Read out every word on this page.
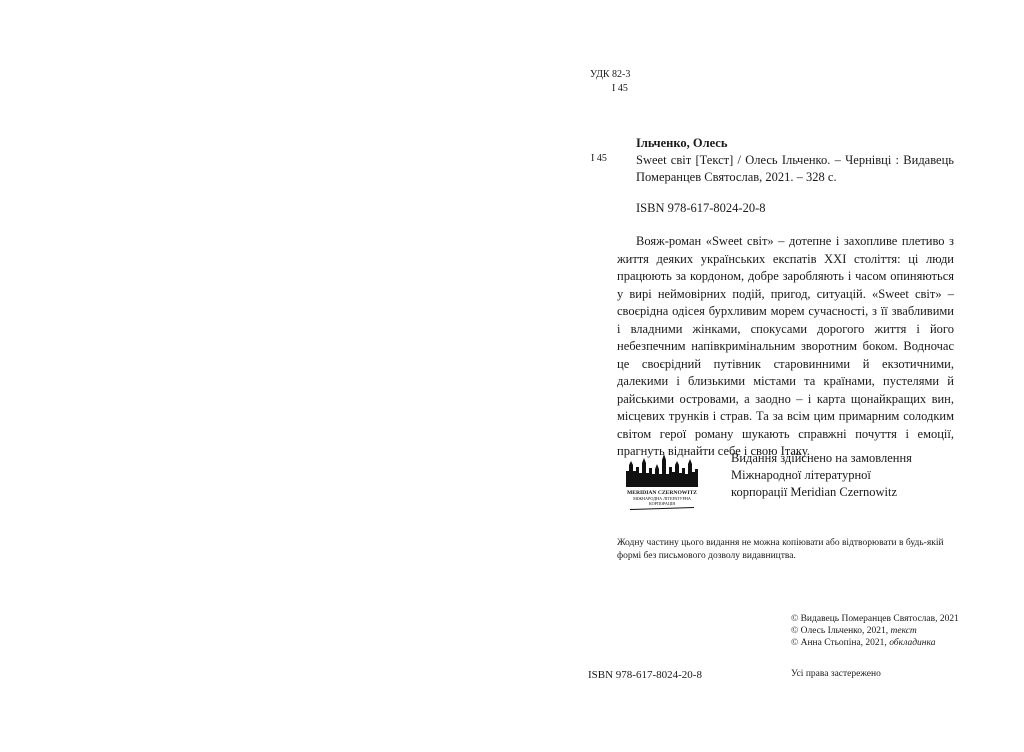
УДК 82-3
І 45
І 45
Ільченко, Олесь
Sweet світ [Текст] / Олесь Ільченко. – Чернівці : Видавець Померанцев Святослав, 2021. – 328 с.
ISBN 978-617-8024-20-8

Вояж-роман «Sweet світ» – дотепне і захопливе плетиво з життя деяких українських експатів XXI століття: ці люди працюють за кордоном, добре заробляють і часом опиняються у вирі неймовірних подій, пригод, ситуацій. «Sweet світ» – своєрідна одісея бурхливим морем сучасності, з її звабливими і владними жінками, спокусами дорогого життя і його небезпечним напівкримінальним зворотним боком. Водночас це своєрідний путівник старовинними й екзотичними, далекими і близькими містами та країнами, пустелями й райськими островами, а заодно – і карта щонайкращих вин, місцевих трунків і страв. Та за всім цим примарним солодким світом герої роману шукають справжні почуття і емоції, прагнуть віднайти себе і свою Ітаку.

MERIDIAN CZERNOWITZ
МІЖНАРОДНА ЛІТЕРАТУРНА
КОРПОРАЦІЯ
Видання здійснено на замовлення
Міжнародної літературної
корпорації Meridian Czernowitz
Жодну частину цього видання не можна копіювати або відтворювати в будь-якій формі без письмового дозволу видавництва.
© Видавець Померанцев Святослав, 2021
© Олесь Ільченко, 2021, текст
© Анна Стьопіна, 2021, обкладинка
ISBN 978-617-8024-20-8	Усі права застережено
